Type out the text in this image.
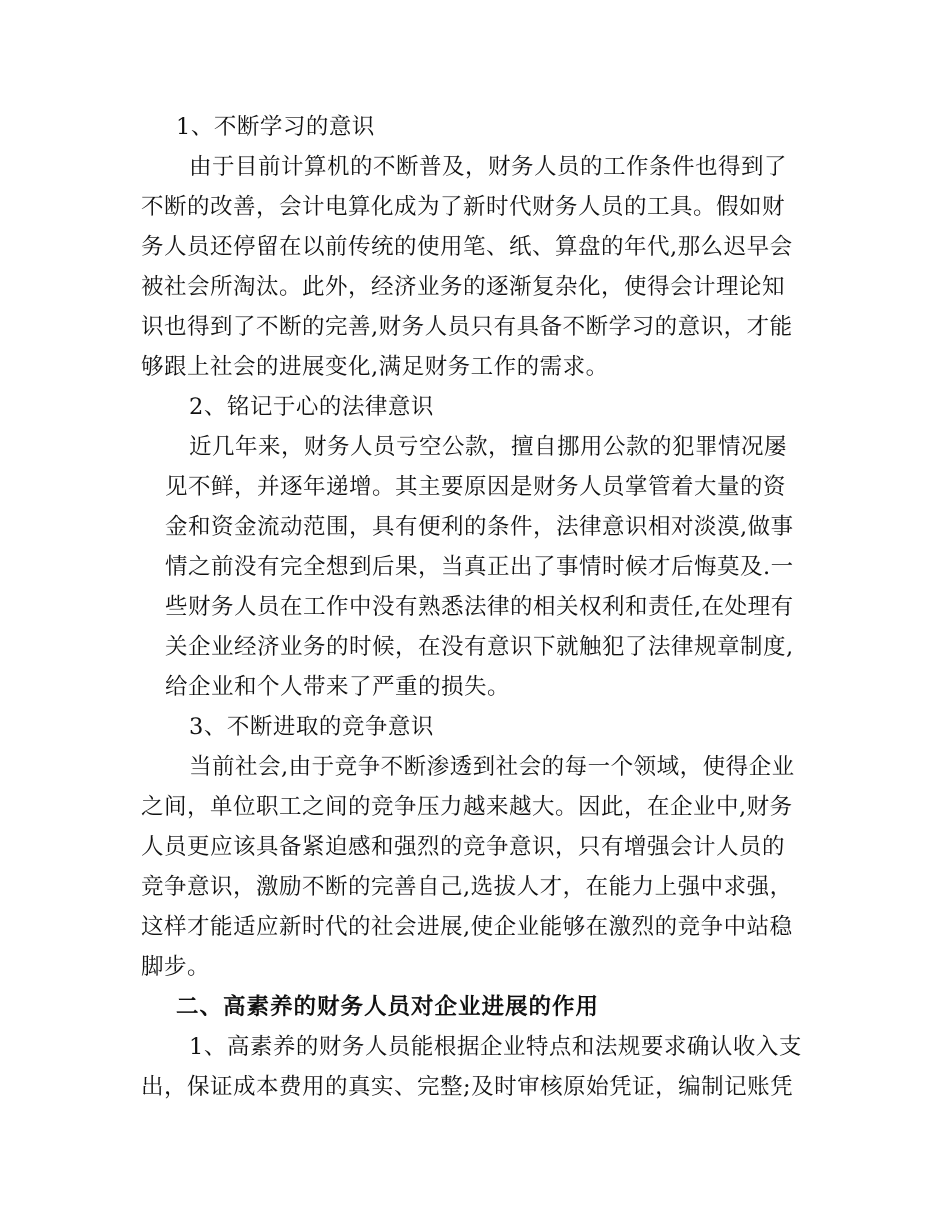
1、不断学习的意识
由于目前计算机的不断普及，财务人员的工作条件也得到了
不断的改善，会计电算化成为了新时代财务人员的工具。假如财
务人员还停留在以前传统的使用笔、纸、算盘的年代,那么迟早会
被社会所淘汰。此外，经济业务的逐渐复杂化，使得会计理论知
识也得到了不断的完善,财务人员只有具备不断学习的意识，才能
够跟上社会的进展变化,满足财务工作的需求。
2、铭记于心的法律意识
近几年来，财务人员亏空公款，擅自挪用公款的犯罪情况屡
见不鲜，并逐年递增。其主要原因是财务人员掌管着大量的资
金和资金流动范围，具有便利的条件，法律意识相对淡漠,做事
情之前没有完全想到后果，当真正出了事情时候才后悔莫及.一
些财务人员在工作中没有熟悉法律的相关权利和责任,在处理有
关企业经济业务的时候，在没有意识下就触犯了法律规章制度,
给企业和个人带来了严重的损失。
3、不断进取的竞争意识
当前社会,由于竞争不断渗透到社会的每一个领域，使得企业
之间，单位职工之间的竞争压力越来越大。因此，在企业中,财务
人员更应该具备紧迫感和强烈的竞争意识，只有增强会计人员的
竞争意识，激励不断的完善自己,选拔人才，在能力上强中求强，
这样才能适应新时代的社会进展,使企业能够在激烈的竞争中站稳
脚步。
二、高素养的财务人员对企业进展的作用
1、高素养的财务人员能根据企业特点和法规要求确认收入支
出，保证成本费用的真实、完整;及时审核原始凭证，编制记账凭
